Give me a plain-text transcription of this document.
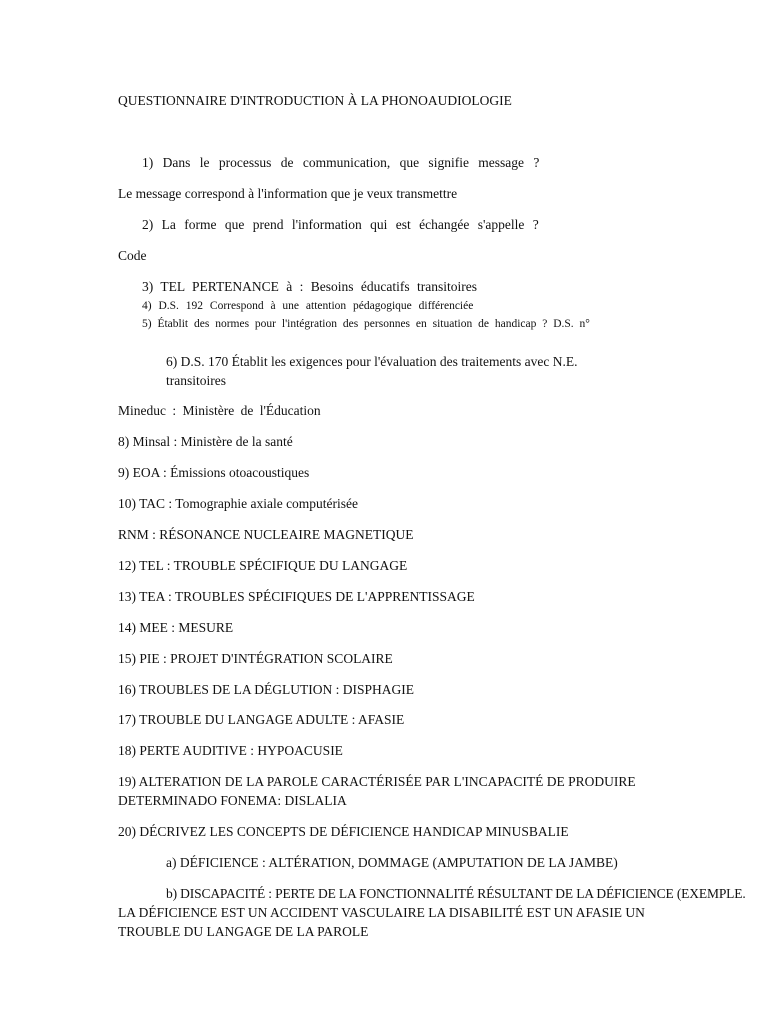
QUESTIONNAIRE D'INTRODUCTION À LA PHONOAUDIOLOGIE
1) Dans le processus de communication, que signifie message ?
Le message correspond à l'information que je veux transmettre
2) La forme que prend l'information qui est échangée s'appelle ?
Code
3) TEL PERTENANCE à : Besoins éducatifs transitoires
4) D.S. 192 Correspond à une attention pédagogique différenciée
5) Établit des normes pour l'intégration des personnes en situation de handicap ? D.S. n°
6) D.S. 170 Établit les exigences pour l'évaluation des traitements avec N.E.
transitoires
Mineduc : Ministère de l'Éducation
8) Minsal : Ministère de la santé
9) EOA : Émissions otoacoustiques
10) TAC : Tomographie axiale computérisée
RNM : RÉSONANCE NUCLEAIRE MAGNETIQUE
12) TEL : TROUBLE SPÉCIFIQUE DU LANGAGE
13) TEA : TROUBLES SPÉCIFIQUES DE L'APPRENTISSAGE
14) MEE : MESURE
15) PIE : PROJET D'INTÉGRATION SCOLAIRE
16) TROUBLES DE LA DÉGLUTION : DISPHAGIE
17) TROUBLE DU LANGAGE ADULTE : AFASIE
18) PERTE AUDITIVE : HYPOACUSIE
19) ALTERATION DE LA PAROLE CARACTÉRISÉE PAR L'INCAPACITÉ DE PRODUIRE
DETERMINADO FONEMA: DISLALIA
20) DÉCRIVEZ LES CONCEPTS DE DÉFICIENCE HANDICAP MINUSBALIE
a) DÉFICIENCE : ALTÉRATION, DOMMAGE (AMPUTATION DE LA JAMBE)
b) DISCAPACITÉ : PERTE DE LA FONCTIONNALITÉ RÉSULTANT DE LA DÉFICIENCE (EXEMPLE.
LA DÉFICIENCE EST UN ACCIDENT VASCULAIRE LA DISABILITÉ EST UN AFASIE UN
TROUBLE DU LANGAGE DE LA PAROLE
